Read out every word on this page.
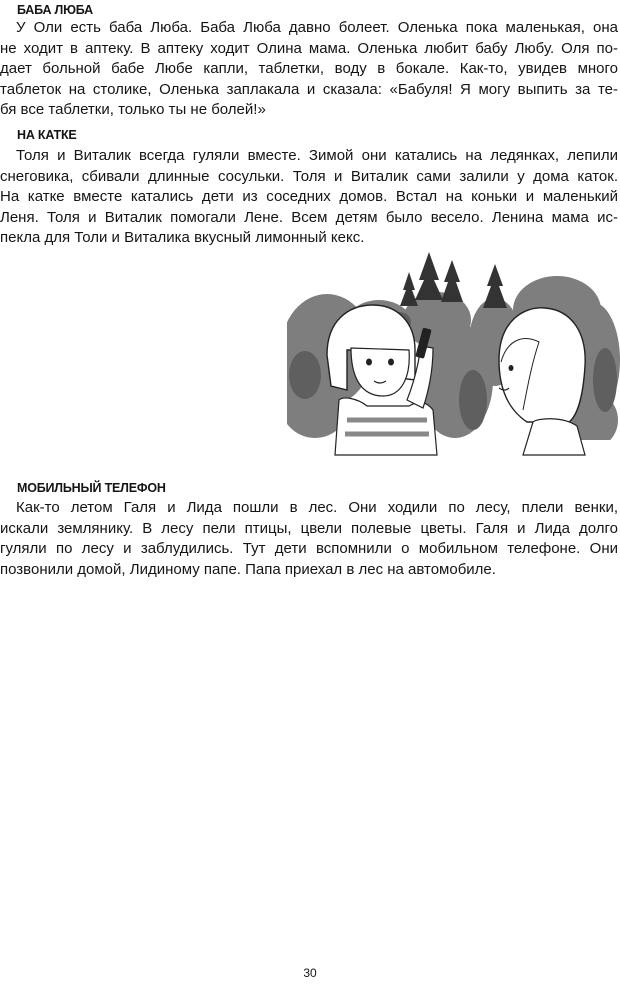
БАБА ЛЮБА
У Оли есть баба Люба. Баба Люба давно болеет. Оленька пока маленькая, она
не ходит в аптеку. В аптеку ходит Олина мама. Оленька любит бабу Любу. Оля по-
дает больной бабе Любе капли, таблетки, воду в бокале. Как-то, увидев много
таблеток на столике, Оленька заплакала и сказала: «Бабуля! Я могу выпить за те-
бя все таблетки, только ты не болей!»
НА КАТКЕ
Толя и Виталик всегда гуляли вместе. Зимой они катались на ледянках, лепили
снеговика, сбивали длинные сосульки. Толя и Виталик сами залили у дома каток.
На катке вместе катались дети из соседних домов. Встал на коньки и маленький
Леня. Толя и Виталик помогали Лене. Всем детям было весело. Ленина мама ис-
пекла для Толи и Виталика вкусный лимонный кекс.
МОБИЛЬНЫЙ ТЕЛЕФОН
Как-то летом Галя и Лида пошли в лес. Они ходили по лесу, плели венки,
искали землянику. В лесу пели птицы, цвели полевые цветы. Галя и Лида долго
гуляли по лесу и заблудились. Тут дети вспомнили о мобильном телефоне. Они
позвонили домой, Лидиному папе. Папа приехал в лес на автомобиле.
30
